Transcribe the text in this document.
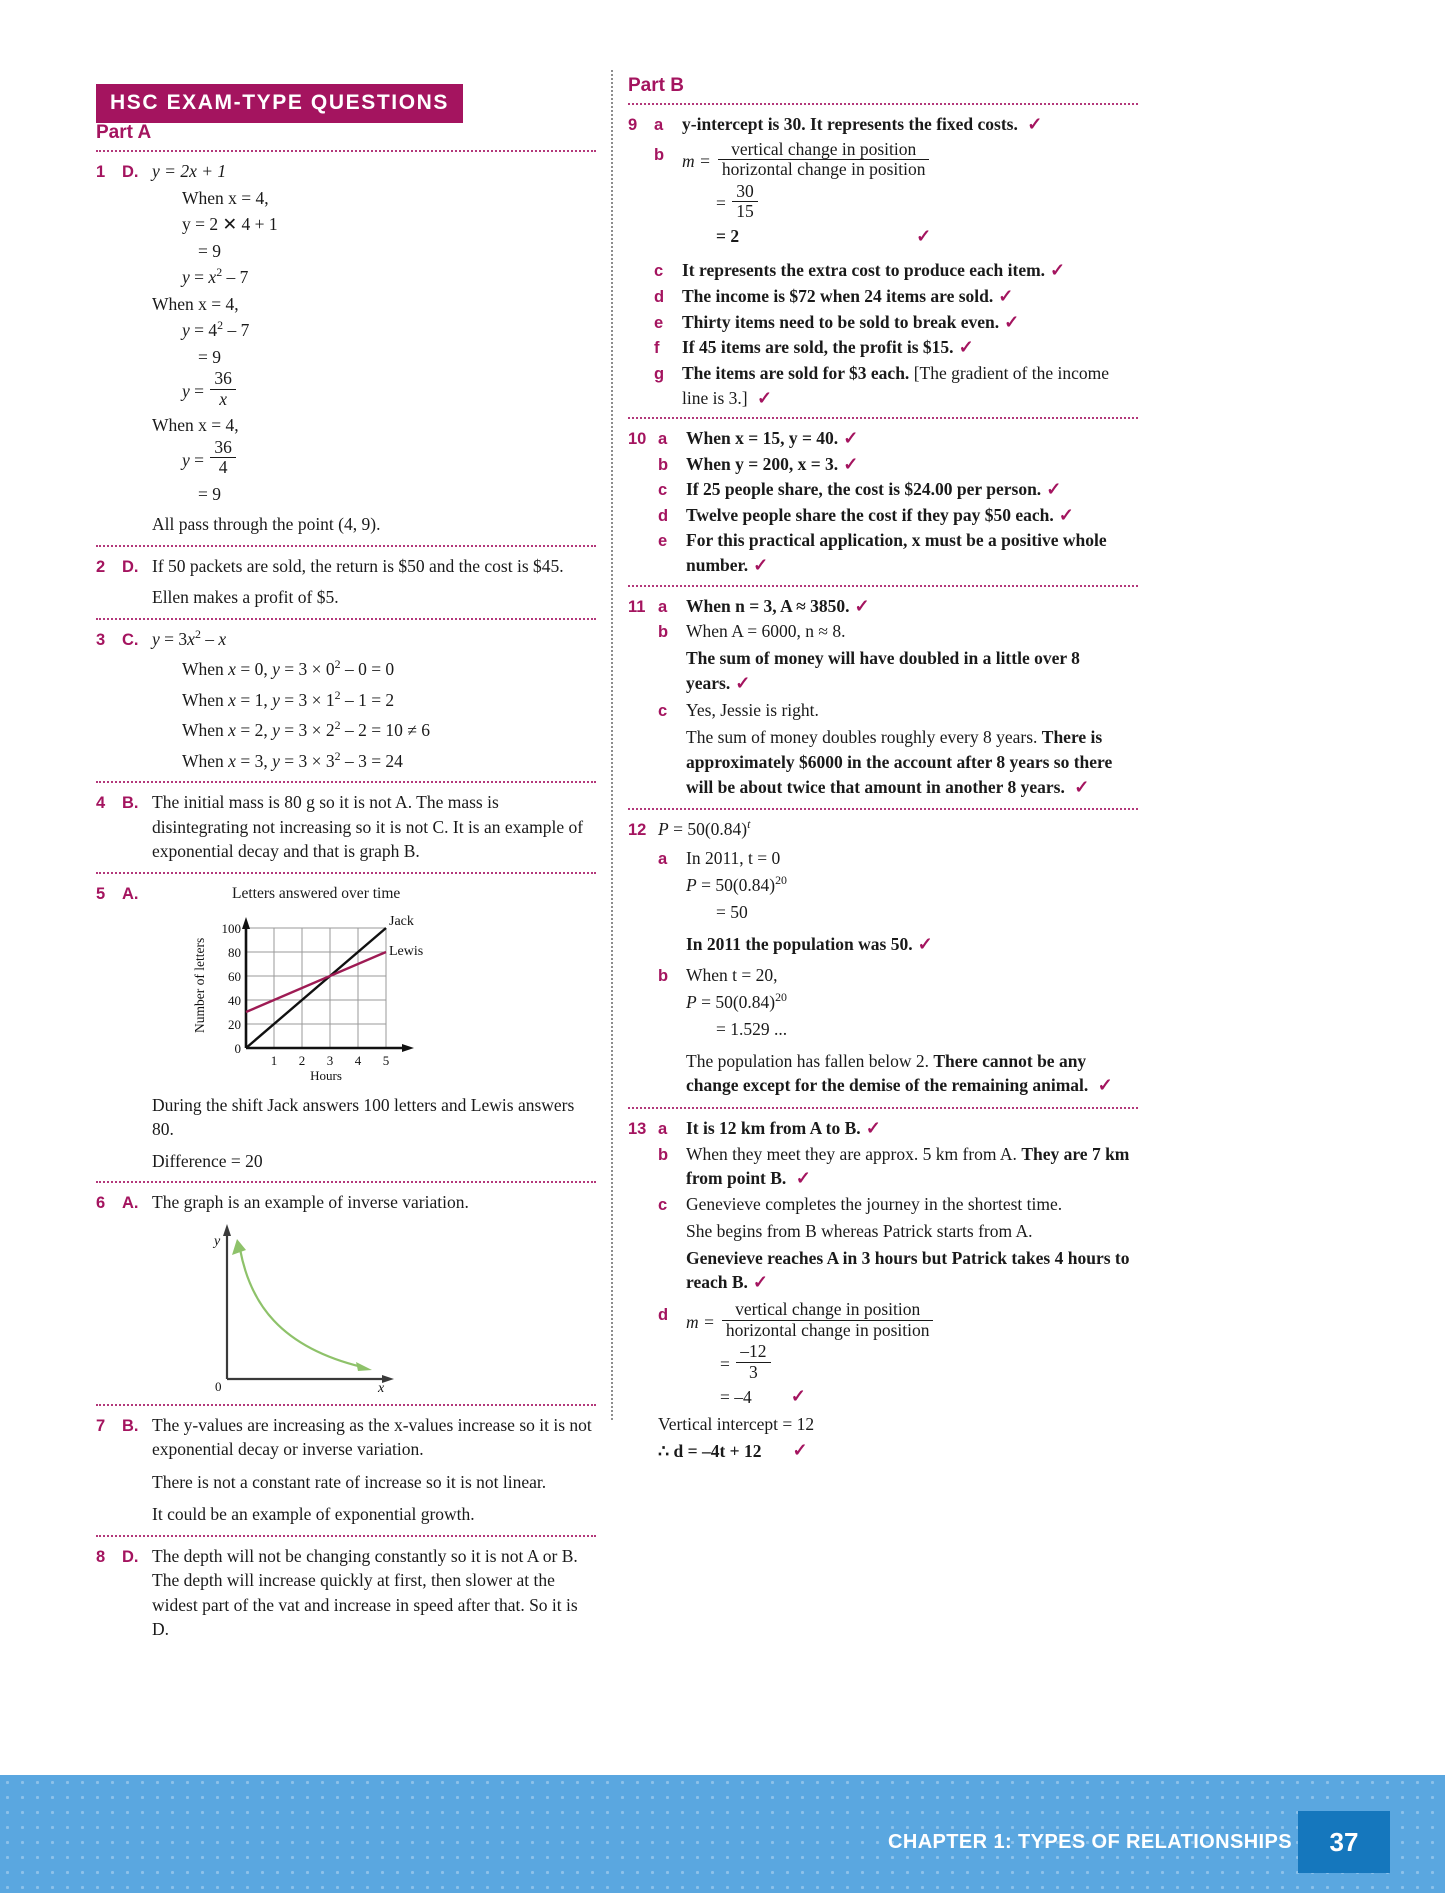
HSC EXAM-TYPE QUESTIONS
Part A
1	D. y = 2x + 1
When x = 4,
y = 2 ✕ 4 + 1
= 9
$y = x^2 - 7$
When x = 4,
$y = 4^2 - 7$
= 9
$y = \frac{36}{x}$
When x = 4,
$y = \frac{36}{4}$
= 9
All pass through the point (4, 9).
2	D. If 50 packets are sold, the return is $50 and the cost is $45.
Ellen makes a profit of $5.
3	C. $y = 3x^2 - x$
When x = 0, $y = 3 \times 0^2 - 0 = 0$
When x = 1, $y = 3 \times 1^2 - 1 = 2$
When x = 2, $y = 3 \times 2^2 - 2 = 10 \ne 6$
When x = 3, $y = 3 \times 3^2 - 3 = 24$
4	B. The initial mass is 80 g so it is not A. The mass is disintegrating not increasing so it is not C. It is an example of exponential decay and that is graph B.
5	A.	Letters answered over time
100
80
60
40
20
0
1 2 3 4 5
Hours
Number of letters
Jack
Lewis
During the shift Jack answers 100 letters and Lewis answers 80.
Difference = 20
6	A. The graph is an example of inverse variation.
y
x
0
7	B. The y-values are increasing as the x-values increase so it is not exponential decay or inverse variation.
There is not a constant rate of increase so it is not linear.
It could be an example of exponential growth.
8	D. The depth will not be changing constantly so it is not A or B. The depth will increase quickly at first, then slower at the widest part of the vat and increase in speed after that. So it is D.
Part B
9	a	y-intercept is 30. It represents the fixed costs. ✓
b	$m = \frac{\text{vertical change in position}}{\text{horizontal change in position}}$
= $\frac{30}{15}$
= 2	✓
c	It represents the extra cost to produce each item. ✓
d	The income is $72 when 24 items are sold. ✓
e	Thirty items need to be sold to break even. ✓
f	If 45 items are sold, the profit is $15. ✓
g	The items are sold for $3 each. [The gradient of the income line is 3.] ✓
10 a	When x = 15, y = 40. ✓
b	When y = 200, x = 3. ✓
c	If 25 people share, the cost is $24.00 per person. ✓
d	Twelve people share the cost if they pay $50 each. ✓
e	For this practical application, x must be a positive whole number. ✓
11 a	When n = 3, A ≈ 3850. ✓
b	When A = 6000, n ≈ 8.
The sum of money will have doubled in a little over 8 years. ✓
c	Yes, Jessie is right.
The sum of money doubles roughly every 8 years. There is approximately $6000 in the account after 8 years so there will be about twice that amount in another 8 years. ✓
12 $P = 50(0.84)^t$
a	In 2011, t = 0
$P = 50(0.84)^{20}$
= 50
In 2011 the population was 50. ✓
b	When t = 20,
$P = 50(0.84)^{20}$
= 1.529 ...
The population has fallen below 2. There cannot be any change except for the demise of the remaining animal. ✓
13 a	It is 12 km from A to B. ✓
b	When they meet they are approx. 5 km from A. They are 7 km from point B. ✓
c	Genevieve completes the journey in the shortest time.
She begins from B whereas Patrick starts from A.
Genevieve reaches A in 3 hours but Patrick takes 4 hours to reach B. ✓
d	$m = \frac{\text{vertical change in position}}{\text{horizontal change in position}}$
= $\frac{-12}{3}$
= –4 ✓
Vertical intercept = 12
∴ d = –4t + 12 ✓
CHAPTER 1: TYPES OF RELATIONSHIPS 37
